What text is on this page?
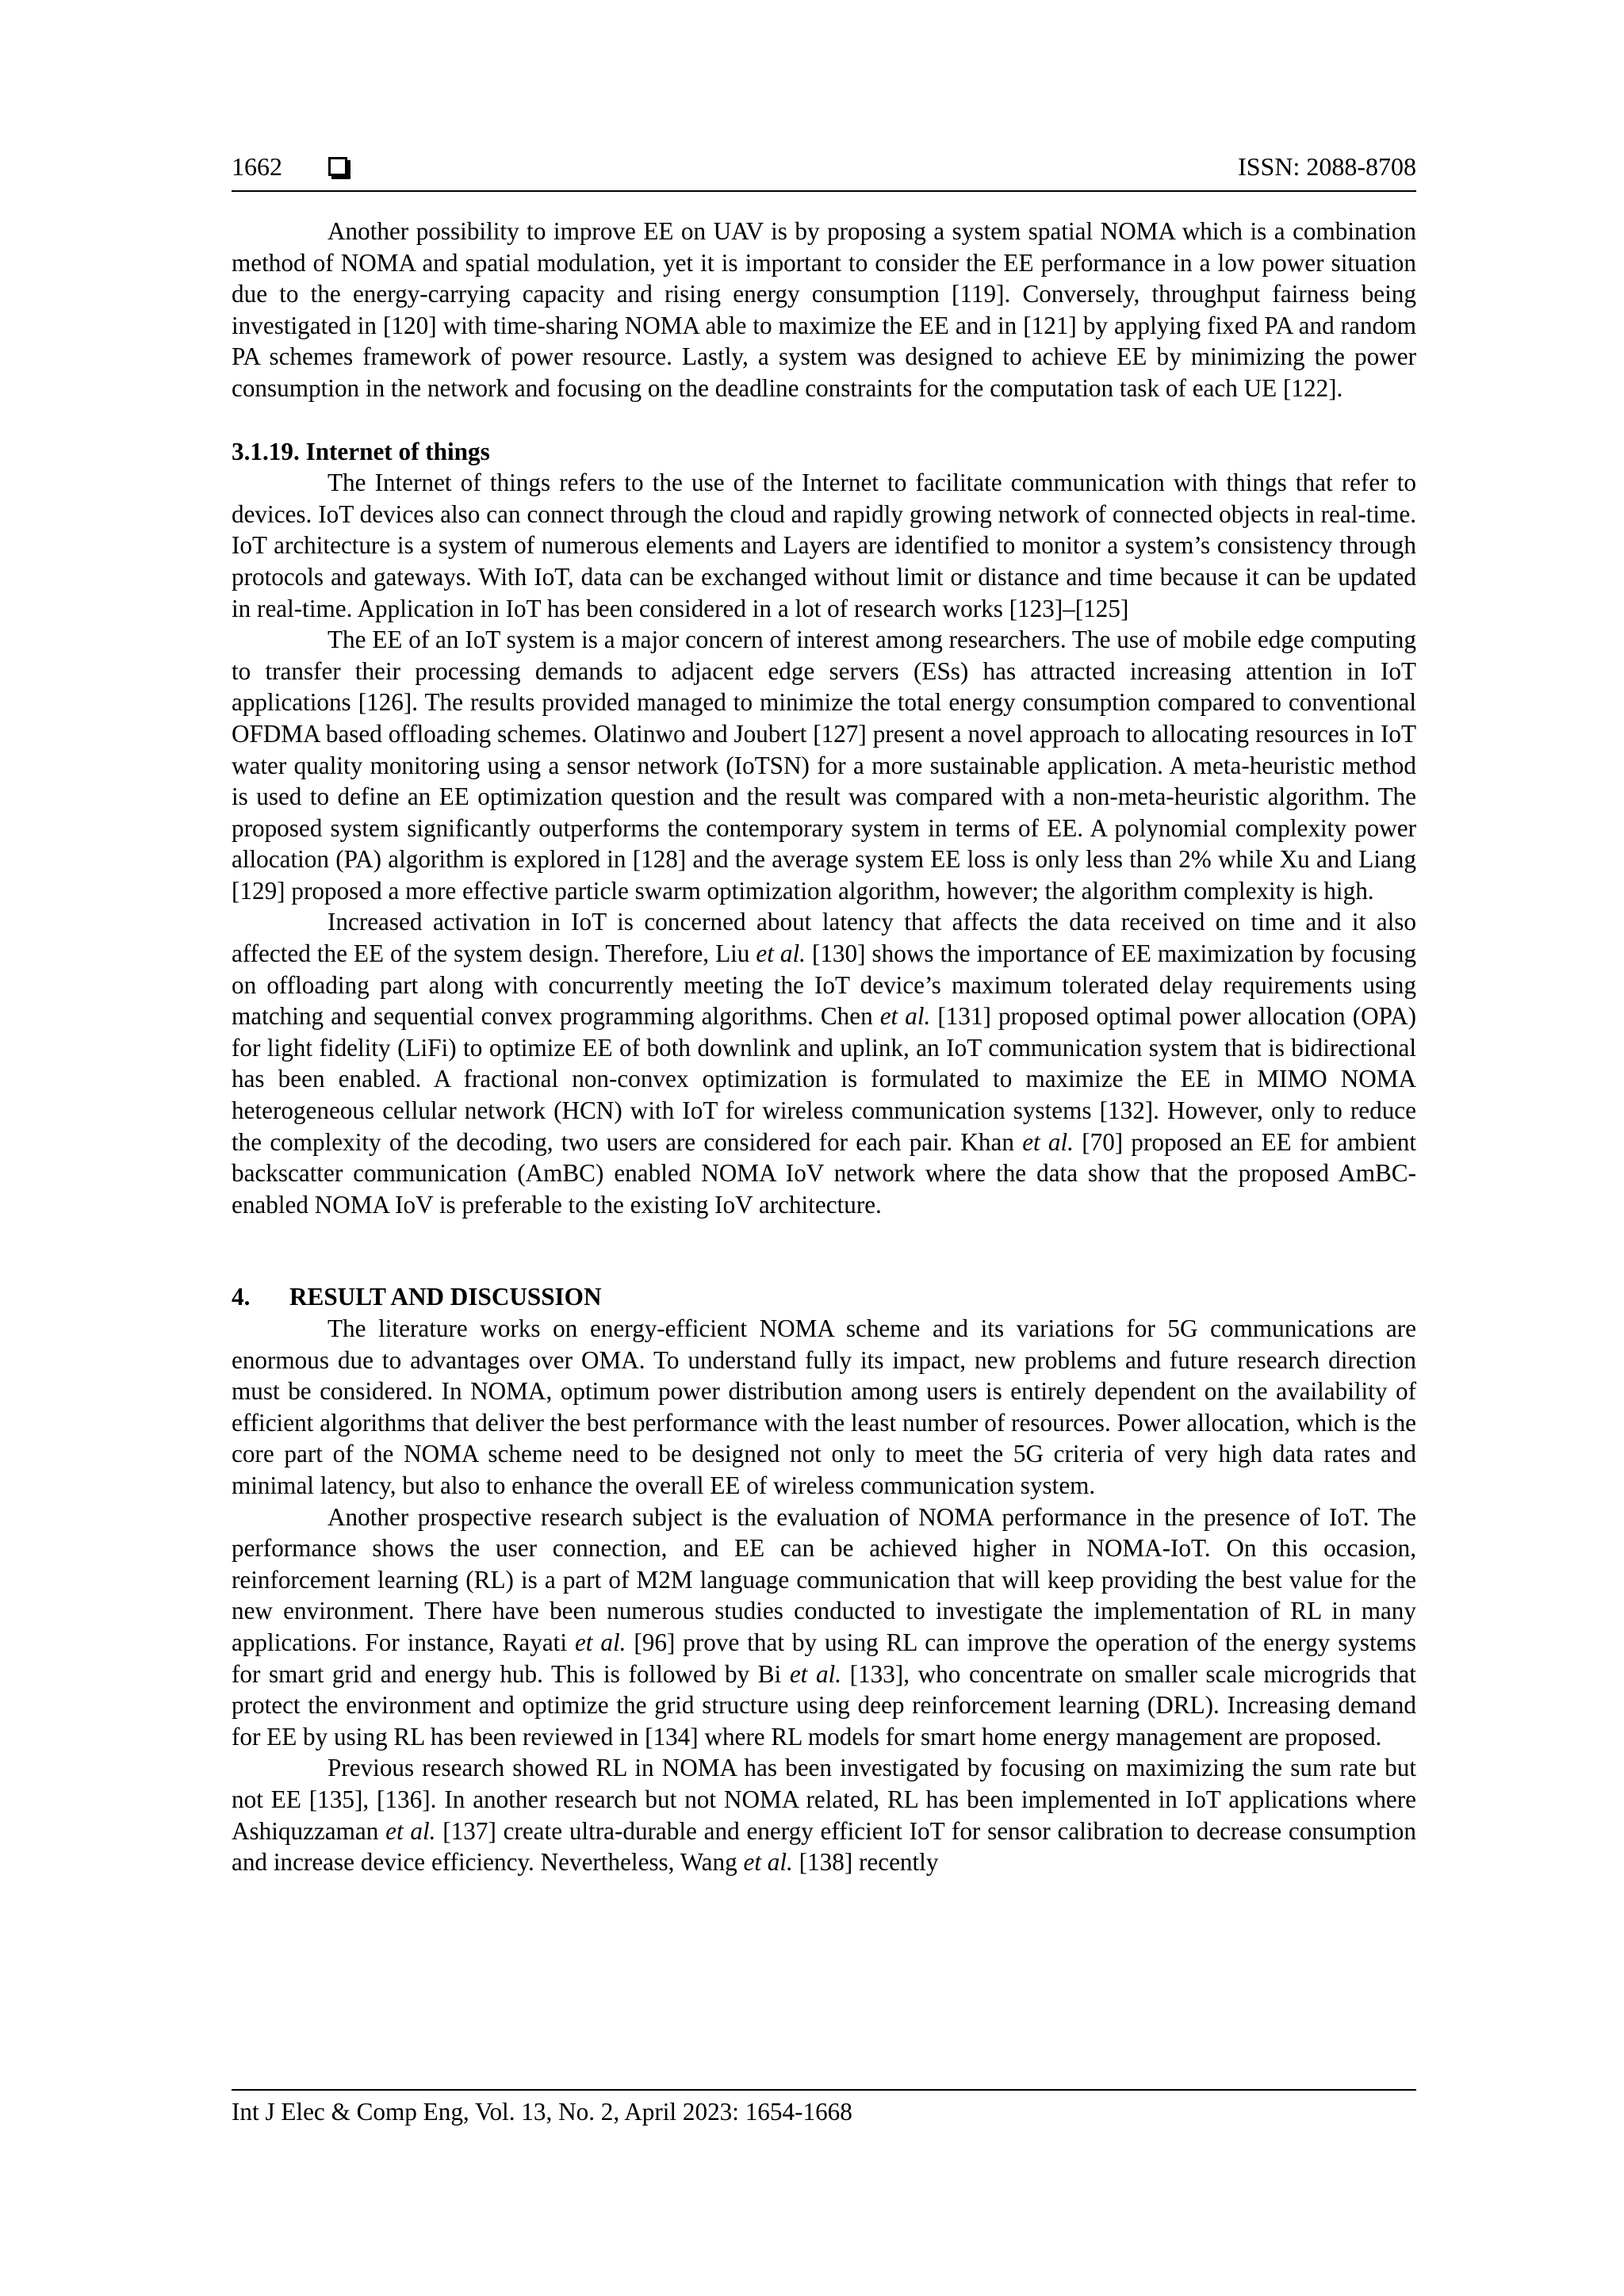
1662	ISSN: 2088-8708

Another possibility to improve EE on UAV is by proposing a system spatial NOMA which is a combination method of NOMA and spatial modulation, yet it is important to consider the EE performance in a low power situation due to the energy-carrying capacity and rising energy consumption [119]. Conversely, throughput fairness being investigated in [120] with time-sharing NOMA able to maximize the EE and in [121] by applying fixed PA and random PA schemes framework of power resource. Lastly, a system was designed to achieve EE by minimizing the power consumption in the network and focusing on the deadline constraints for the computation task of each UE [122].

3.1.19. Internet of things

The Internet of things refers to the use of the Internet to facilitate communication with things that refer to devices. IoT devices also can connect through the cloud and rapidly growing network of connected objects in real-time. IoT architecture is a system of numerous elements and Layers are identified to monitor a system’s consistency through protocols and gateways. With IoT, data can be exchanged without limit or distance and time because it can be updated in real-time. Application in IoT has been considered in a lot of research works [123]–[125]

The EE of an IoT system is a major concern of interest among researchers. The use of mobile edge computing to transfer their processing demands to adjacent edge servers (ESs) has attracted increasing attention in IoT applications [126]. The results provided managed to minimize the total energy consumption compared to conventional OFDMA based offloading schemes. Olatinwo and Joubert [127] present a novel approach to allocating resources in IoT water quality monitoring using a sensor network (IoTSN) for a more sustainable application. A meta-heuristic method is used to define an EE optimization question and the result was compared with a non-meta-heuristic algorithm. The proposed system significantly outperforms the contemporary system in terms of EE. A polynomial complexity power allocation (PA) algorithm is explored in [128] and the average system EE loss is only less than 2% while Xu and Liang [129] proposed a more effective particle swarm optimization algorithm, however; the algorithm complexity is high.

Increased activation in IoT is concerned about latency that affects the data received on time and it also affected the EE of the system design. Therefore, Liu et al. [130] shows the importance of EE maximization by focusing on offloading part along with concurrently meeting the IoT device’s maximum tolerated delay requirements using matching and sequential convex programming algorithms. Chen et al. [131] proposed optimal power allocation (OPA) for light fidelity (LiFi) to optimize EE of both downlink and uplink, an IoT communication system that is bidirectional has been enabled. A fractional non-convex optimization is formulated to maximize the EE in MIMO NOMA heterogeneous cellular network (HCN) with IoT for wireless communication systems [132]. However, only to reduce the complexity of the decoding, two users are considered for each pair. Khan et al. [70] proposed an EE for ambient backscatter communication (AmBC) enabled NOMA IoV network where the data show that the proposed AmBC-enabled NOMA IoV is preferable to the existing IoV architecture.

4. RESULT AND DISCUSSION

The literature works on energy-efficient NOMA scheme and its variations for 5G communications are enormous due to advantages over OMA. To understand fully its impact, new problems and future research direction must be considered. In NOMA, optimum power distribution among users is entirely dependent on the availability of efficient algorithms that deliver the best performance with the least number of resources. Power allocation, which is the core part of the NOMA scheme need to be designed not only to meet the 5G criteria of very high data rates and minimal latency, but also to enhance the overall EE of wireless communication system.

Another prospective research subject is the evaluation of NOMA performance in the presence of IoT. The performance shows the user connection, and EE can be achieved higher in NOMA-IoT. On this occasion, reinforcement learning (RL) is a part of M2M language communication that will keep providing the best value for the new environment. There have been numerous studies conducted to investigate the implementation of RL in many applications. For instance, Rayati et al. [96] prove that by using RL can improve the operation of the energy systems for smart grid and energy hub. This is followed by Bi et al. [133], who concentrate on smaller scale microgrids that protect the environment and optimize the grid structure using deep reinforcement learning (DRL). Increasing demand for EE by using RL has been reviewed in [134] where RL models for smart home energy management are proposed.

Previous research showed RL in NOMA has been investigated by focusing on maximizing the sum rate but not EE [135], [136]. In another research but not NOMA related, RL has been implemented in IoT applications where Ashiquzzaman et al. [137] create ultra-durable and energy efficient IoT for sensor calibration to decrease consumption and increase device efficiency. Nevertheless, Wang et al. [138] recently

Int J Elec & Comp Eng, Vol. 13, No. 2, April 2023: 1654-1668
